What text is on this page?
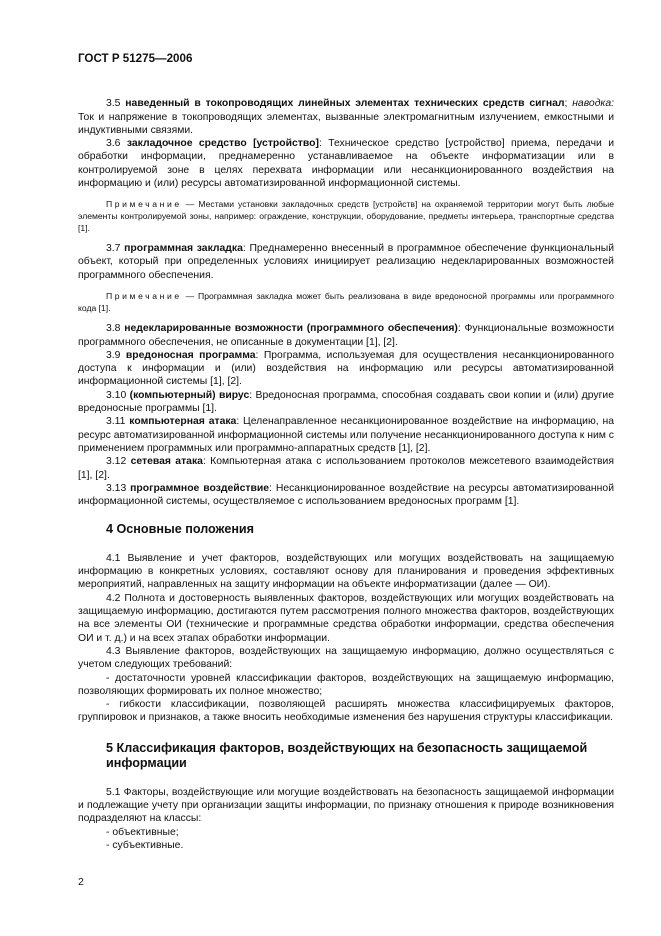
ГОСТ Р 51275—2006

3.5 наведенный в токопроводящих линейных элементах технических средств сигнал; наводка: Ток и напряжение в токопроводящих элементах, вызванные электромагнитным излучением, емкостными и индуктивными связями.

3.6 закладочное средство [устройство]: Техническое средство [устройство] приема, передачи и обработки информации, преднамеренно устанавливаемое на объекте информатизации или в контролируемой зоне в целях перехвата информации или несанкционированного воздействия на информацию и (или) ресурсы автоматизированной информационной системы.

Примечание — Местами установки закладочных средств [устройств] на охраняемой территории могут быть любые элементы контролируемой зоны, например: ограждение, конструкции, оборудование, предметы интерьера, транспортные средства [1].

3.7 программная закладка: Преднамеренно внесенный в программное обеспечение функциональный объект, который при определенных условиях инициирует реализацию недекларированных возможностей программного обеспечения.

Примечание — Программная закладка может быть реализована в виде вредоносной программы или программного кода [1].

3.8 недекларированные возможности (программного обеспечения): Функциональные возможности программного обеспечения, не описанные в документации [1], [2].

3.9 вредоносная программа: Программа, используемая для осуществления несанкционированного доступа к информации и (или) воздействия на информацию или ресурсы автоматизированной информационной системы [1], [2].

3.10 (компьютерный) вирус: Вредоносная программа, способная создавать свои копии и (или) другие вредоносные программы [1].

3.11 компьютерная атака: Целенаправленное несанкционированное воздействие на информацию, на ресурс автоматизированной информационной системы или получение несанкционированного доступа к ним с применением программных или программно-аппаратных средств [1], [2].

3.12 сетевая атака: Компьютерная атака с использованием протоколов межсетевого взаимодействия [1], [2].

3.13 программное воздействие: Несанкционированное воздействие на ресурсы автоматизированной информационной системы, осуществляемое с использованием вредоносных программ [1].

4 Основные положения

4.1 Выявление и учет факторов, воздействующих или могущих воздействовать на защищаемую информацию в конкретных условиях, составляют основу для планирования и проведения эффективных мероприятий, направленных на защиту информации на объекте информатизации (далее — ОИ).

4.2 Полнота и достоверность выявленных факторов, воздействующих или могущих воздействовать на защищаемую информацию, достигаются путем рассмотрения полного множества факторов, воздействующих на все элементы ОИ (технические и программные средства обработки информации, средства обеспечения ОИ и т. д.) и на всех этапах обработки информации.

4.3 Выявление факторов, воздействующих на защищаемую информацию, должно осуществляться с учетом следующих требований:

- достаточности уровней классификации факторов, воздействующих на защищаемую информацию, позволяющих формировать их полное множество;

- гибкости классификации, позволяющей расширять множества классифицируемых факторов, группировок и признаков, а также вносить необходимые изменения без нарушения структуры классификации.

5 Классификация факторов, воздействующих на безопасность защищаемой информации

5.1 Факторы, воздействующие или могущие воздействовать на безопасность защищаемой информации и подлежащие учету при организации защиты информации, по признаку отношения к природе возникновения подразделяют на классы:

- объективные;

- субъективные.

2
